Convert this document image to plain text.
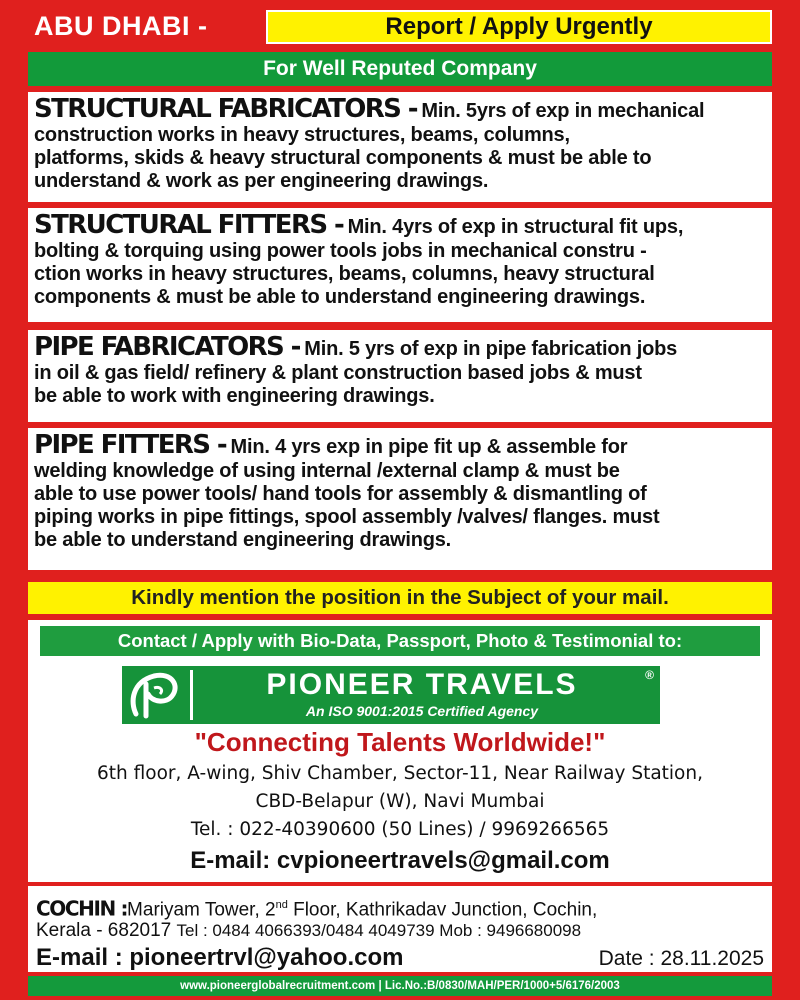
ABU DHABI -	Report / Apply Urgently
For Well Reputed Company

STRUCTURAL FABRICATORS - Min. 5yrs of exp in mechanical

construction works in heavy structures, beams, columns,

platforms, skids & heavy structural components & must be able to

understand & work as per engineering drawings.

STRUCTURAL FITTERS - Min. 4yrs of exp in structural fit ups,

bolting & torquing using power tools jobs in mechanical constru -

ction works in heavy structures, beams, columns, heavy structural

components & must be able to understand engineering drawings.

PIPE FABRICATORS - Min. 5 yrs of exp in pipe fabrication jobs

in oil & gas field/ refinery & plant construction based jobs & must

be able to work with engineering drawings.

PIPE FITTERS - Min. 4 yrs exp in pipe fit up & assemble for

welding knowledge of using internal /external clamp & must be

able to use power tools/ hand tools for assembly & dismantling of

piping works in pipe fittings, spool assembly /valves/ flanges. must

be able to understand engineering drawings.

Kindly mention the position in the Subject of your mail.
Contact / Apply with Bio-Data, Passport, Photo & Testimonial to:
PIONEER TRAVELS	®
An ISO 9001:2015 Certified Agency
"Connecting Talents Worldwide!"
6th floor, A-wing, Shiv Chamber, Sector-11, Near Railway Station,
CBD-Belapur (W), Navi Mumbai
Tel. : 022-40390600 (50 Lines) / 9969266565
E-mail: cvpioneertravels@gmail.com
COCHIN :Mariyam Tower, 2nd Floor, Kathrikadav Junction, Cochin,
Kerala - 682017 Tel : 0484 4066393/0484 4049739 Mob : 9496680098
E-mail : pioneertrvl@yahoo.com	Date : 28.11.2025
www.pioneerglobalrecruitment.com | Lic.No.:B/0830/MAH/PER/1000+5/6176/2003
